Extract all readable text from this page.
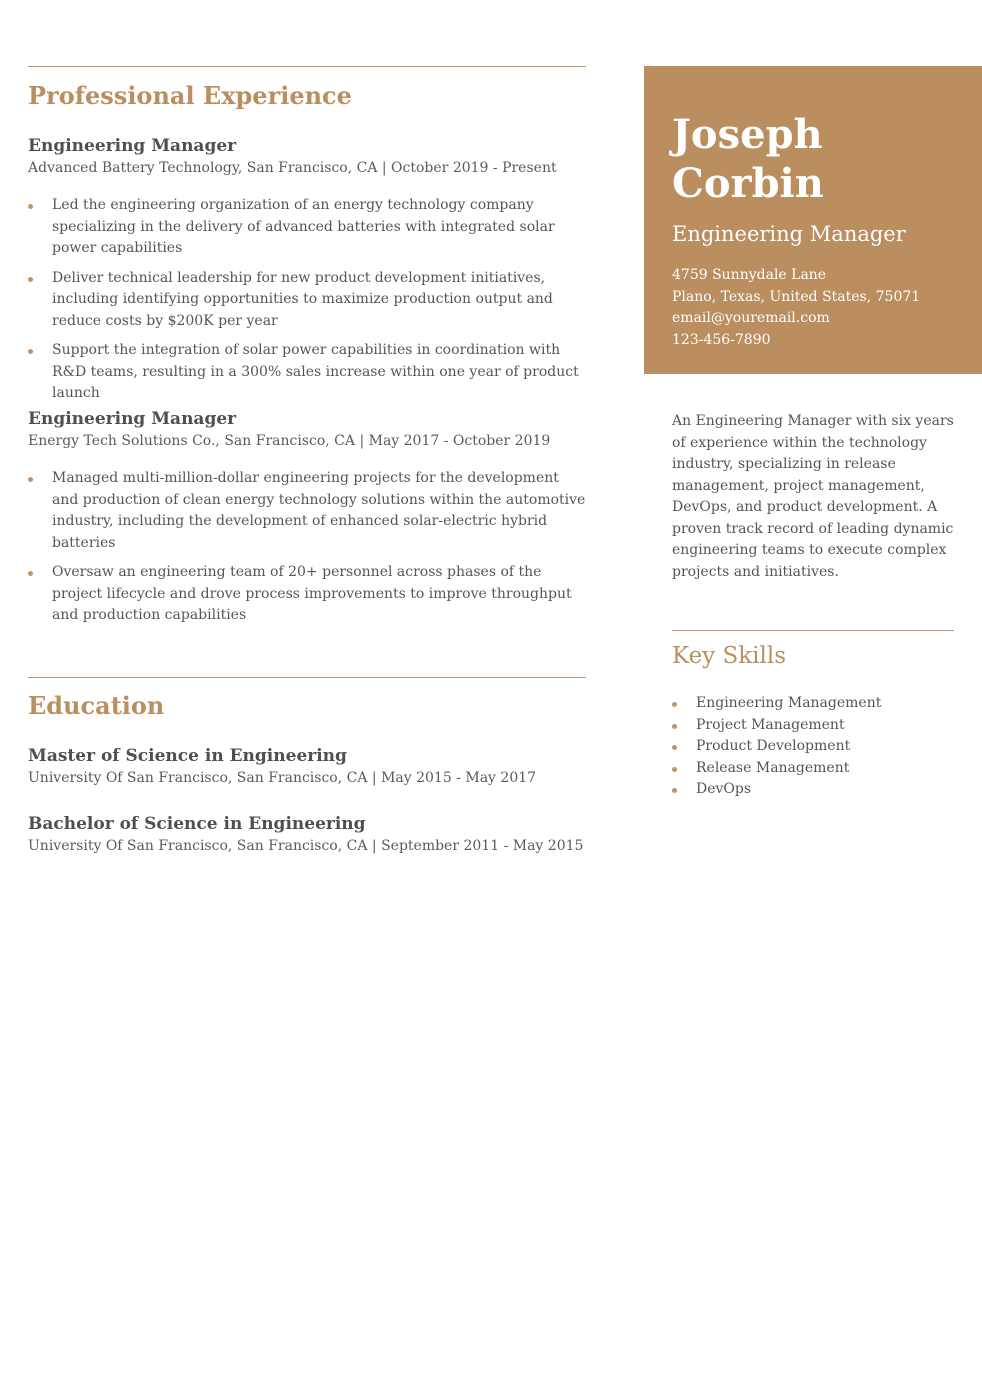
Professional Experience
Engineering Manager

Advanced Battery Technology, San Francisco, CA | October 2019 - Present

Led the engineering organization of an energy technology company specializing in the delivery of advanced batteries with integrated solar power capabilities
Deliver technical leadership for new product development initiatives, including identifying opportunities to maximize production output and reduce costs by $200K per year
Support the integration of solar power capabilities in coordination with R&D teams, resulting in a 300% sales increase within one year of product launch
Engineering Manager

Energy Tech Solutions Co., San Francisco, CA | May 2017 - October 2019

Managed multi-million-dollar engineering projects for the development and production of clean energy technology solutions within the automotive industry, including the development of enhanced solar-electric hybrid batteries
Oversaw an engineering team of 20+ personnel across phases of the project lifecycle and drove process improvements to improve throughput and production capabilities
Education
Master of Science in Engineering

University Of San Francisco, San Francisco, CA | May 2015 - May 2017

Bachelor of Science in Engineering

University Of San Francisco, San Francisco, CA | September 2011 - May 2015

Joseph
Corbin
Engineering Manager
4759 Sunnydale Lane
Plano, Texas, United States, 75071
email@youremail.com
123-456-7890

An Engineering Manager with six years of experience within the technology industry, specializing in release management, project management, DevOps, and product development. A proven track record of leading dynamic engineering teams to execute complex projects and initiatives.

Key Skills
Engineering Management
Project Management
Product Development
Release Management
DevOps
